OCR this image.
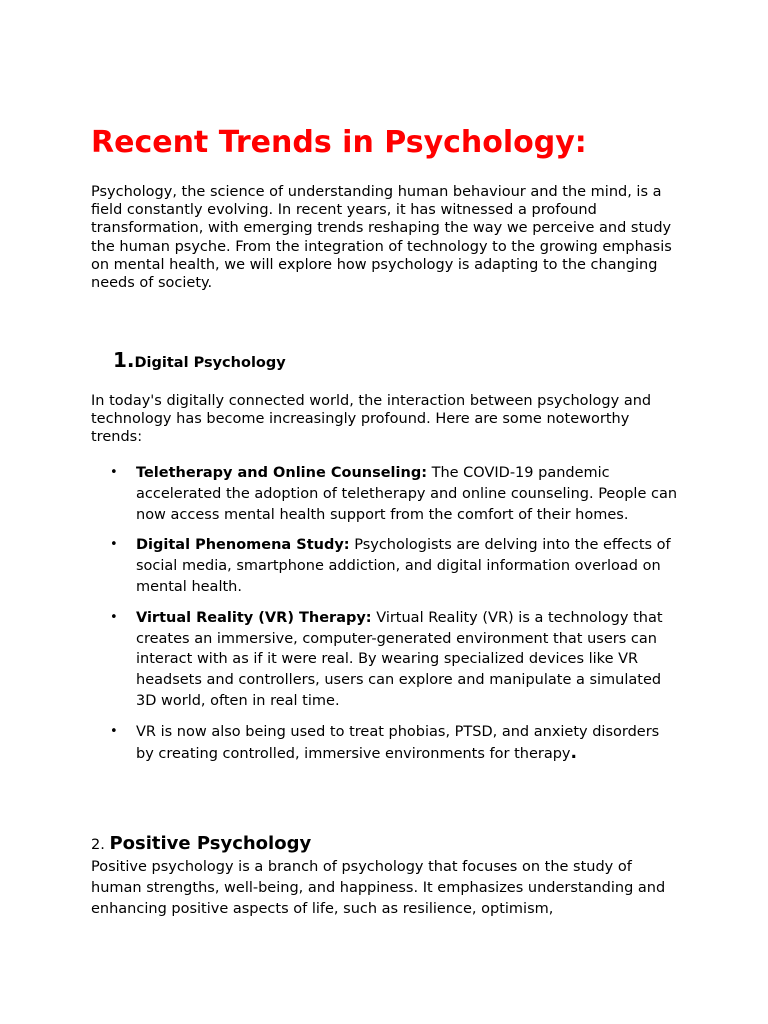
Recent Trends in Psychology:

Psychology, the science of understanding human behaviour and the mind, is a field constantly evolving. In recent years, it has witnessed a profound transformation, with emerging trends reshaping the way we perceive and study the human psyche. From the integration of technology to the growing emphasis on mental health, we will explore how psychology is adapting to the changing needs of society.

1.Digital Psychology

In today's digitally connected world, the interaction between psychology and technology has become increasingly profound. Here are some noteworthy trends:

• Teletherapy and Online Counseling: The COVID-19 pandemic accelerated the adoption of teletherapy and online counseling. People can now access mental health support from the comfort of their homes.
• Digital Phenomena Study: Psychologists are delving into the effects of social media, smartphone addiction, and digital information overload on mental health.
• Virtual Reality (VR) Therapy: Virtual Reality (VR) is a technology that creates an immersive, computer-generated environment that users can interact with as if it were real. By wearing specialized devices like VR headsets and controllers, users can explore and manipulate a simulated 3D world, often in real time.
• VR is now also being used to treat phobias, PTSD, and anxiety disorders by creating controlled, immersive environments for therapy.
2. Positive Psychology

Positive psychology is a branch of psychology that focuses on the study of human strengths, well-being, and happiness. It emphasizes understanding and enhancing positive aspects of life, such as resilience, optimism,
